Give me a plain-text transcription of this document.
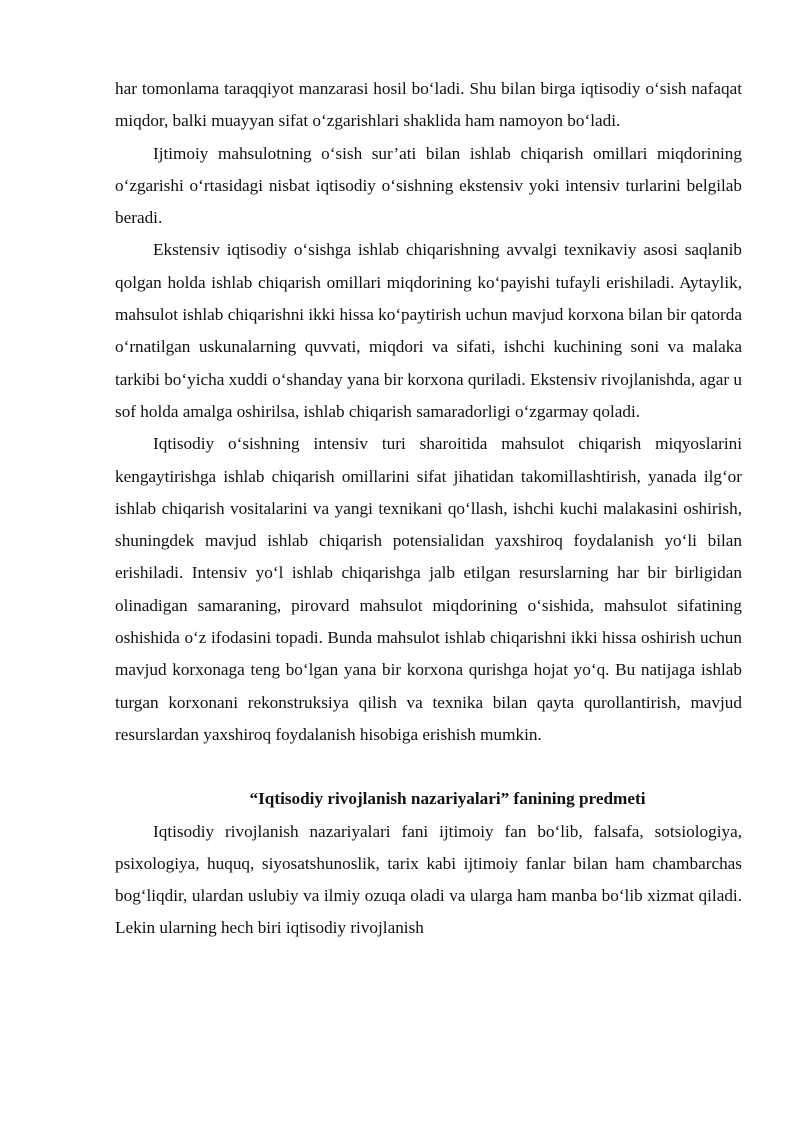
har tomonlama taraqqiyot manzarasi hosil bo‘ladi. Shu bilan birga iqtisodiy o‘sish nafaqat miqdor, balki muayyan sifat o‘zgarishlari shaklida ham namoyon bo‘ladi.

Ijtimoiy mahsulotning o‘sish sur’ati bilan ishlab chiqarish omillari miqdorining o‘zgarishi o‘rtasidagi nisbat iqtisodiy o‘sishning ekstensiv yoki intensiv turlarini belgilab beradi.

Ekstensiv iqtisodiy o‘sishga ishlab chiqarishning avvalgi texnikaviy asosi saqlanib qolgan holda ishlab chiqarish omillari miqdorining ko‘payishi tufayli erishiladi. Aytaylik, mahsulot ishlab chiqarishni ikki hissa ko‘paytirish uchun mavjud korxona bilan bir qatorda o‘rnatilgan uskunalarning quvvati, miqdori va sifati, ishchi kuchining soni va malaka tarkibi bo‘yicha xuddi o‘shanday yana bir korxona quriladi. Ekstensiv rivojlanishda, agar u sof holda amalga oshirilsa, ishlab chiqarish samaradorligi o‘zgarmay qoladi.

Iqtisodiy o‘sishning intensiv turi sharoitida mahsulot chiqarish miqyoslarini kengaytirishga ishlab chiqarish omillarini sifat jihatidan takomillashtirish, yanada ilg‘or ishlab chiqarish vositalarini va yangi texnikani qo‘llash, ishchi kuchi malakasini oshirish, shuningdek mavjud ishlab chiqarish potensialidan yaxshiroq foydalanish yo‘li bilan erishiladi. Intensiv yo‘l ishlab chiqarishga jalb etilgan resurslarning har bir birligidan olinadigan samaraning, pirovard mahsulot miqdorining o‘sishida, mahsulot sifatining oshishida o‘z ifodasini topadi. Bunda mahsulot ishlab chiqarishni ikki hissa oshirish uchun mavjud korxonaga teng bo‘lgan yana bir korxona qurishga hojat yo‘q. Bu natijaga ishlab turgan korxonani rekonstruksiya qilish va texnika bilan qayta qurollantirish, mavjud resurslardan yaxshiroq foydalanish hisobiga erishish mumkin.

“Iqtisodiy rivojlanish nazariyalari” fanining predmeti

Iqtisodiy rivojlanish nazariyalari fani ijtimoiy fan bo‘lib, falsafa, sotsiologiya, psixologiya, huquq, siyosatshunoslik, tarix kabi ijtimoiy fanlar bilan ham chambarchas bog‘liqdir, ulardan uslubiy va ilmiy ozuqa oladi va ularga ham manba bo‘lib xizmat qiladi. Lekin ularning hech biri iqtisodiy rivojlanish
